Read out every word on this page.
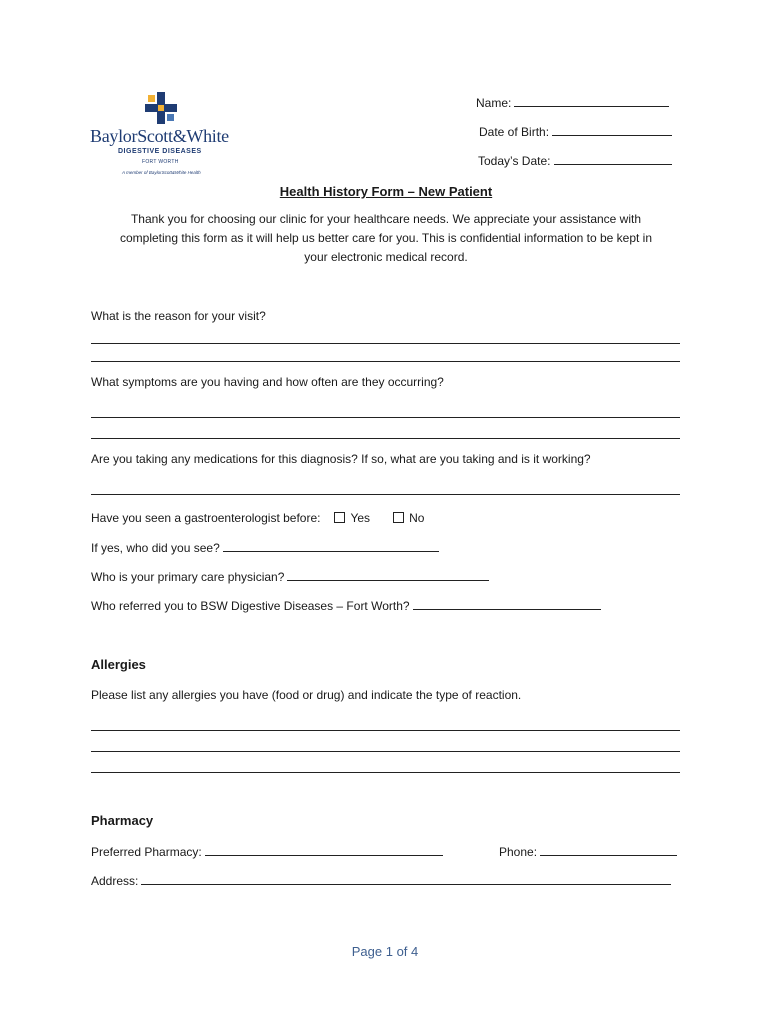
BaylorScott&White
DIGESTIVE DISEASES
FORT WORTH
A member of BaylorScott&White Health
Name:
Date of Birth:
Today’s Date:
Health History Form – New Patient
Thank you for choosing our clinic for your healthcare needs. We appreciate your assistance with
completing this form as it will help us better care for you. This is confidential information to be kept in
your electronic medical record.
What is the reason for your visit?
What symptoms are you having and how often are they occurring?
Are you taking any medications for this diagnosis? If so, what are you taking and is it working?
Have you seen a gastroenterologist before:	Yes	No
If yes, who did you see?
Who is your primary care physician?
Who referred you to BSW Digestive Diseases – Fort Worth?
Allergies
Please list any allergies you have (food or drug) and indicate the type of reaction.
Pharmacy
Preferred Pharmacy:	Phone:
Address:
Page 1 of 4
